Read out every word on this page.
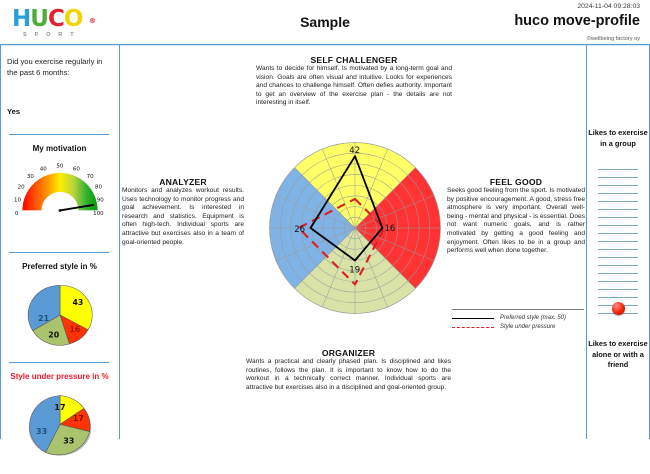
HUCO ®
S P O R T
2024-11-04 09:28:03
Sample	huco move-profile
©wellbeing factory oy
Did you exercise regularly in the past 6 months:
Yes
My motivation
0
10
20
30
40 50 60
70
80
90
100
Preferred style in %
43
16
20
21
Style under pressure in %
17
17
33
33
SELF CHALLENGER
Wants to decide for himself. Is motivated by a long-term goal and vision. Goals are often visual and intuitive. Looks for experiences and chances to challenge himself. Often defies authority. Important to get an overview of the exercise plan - the details are not interesting in itself.
ANALYZER
Monitors and analyzes workout results. Uses technology to monitor progress and goal achievement. Is interested in research and statistics. Equipment is often high-tech. Individual sports are attractive but exercises also in a team of goal-oriented people.
FEEL GOOD
Seeks good feeling from the sport. Is motivated by positive encouragement. A good, stress free atmosphere is very important. Overall well-being - mental and physical - is essential. Does not want numeric goals, and is rather motivated by getting a good feeling and enjoyment. Often likes to be in a group and performs well when done together.
ORGANIZER
Wants a practical and clearly phased plan. Is disciplined and likes routines, follows the plan. It is important to know how to do the workout in a technically correct manner. Individual sports are attractive but exercises also in a disciplined and goal-oriented group.
42
16
19
26
Preferred style (max. 50)
Style under pressure
Likes to exercise in a group
Likes to exercise alone or with a friend
